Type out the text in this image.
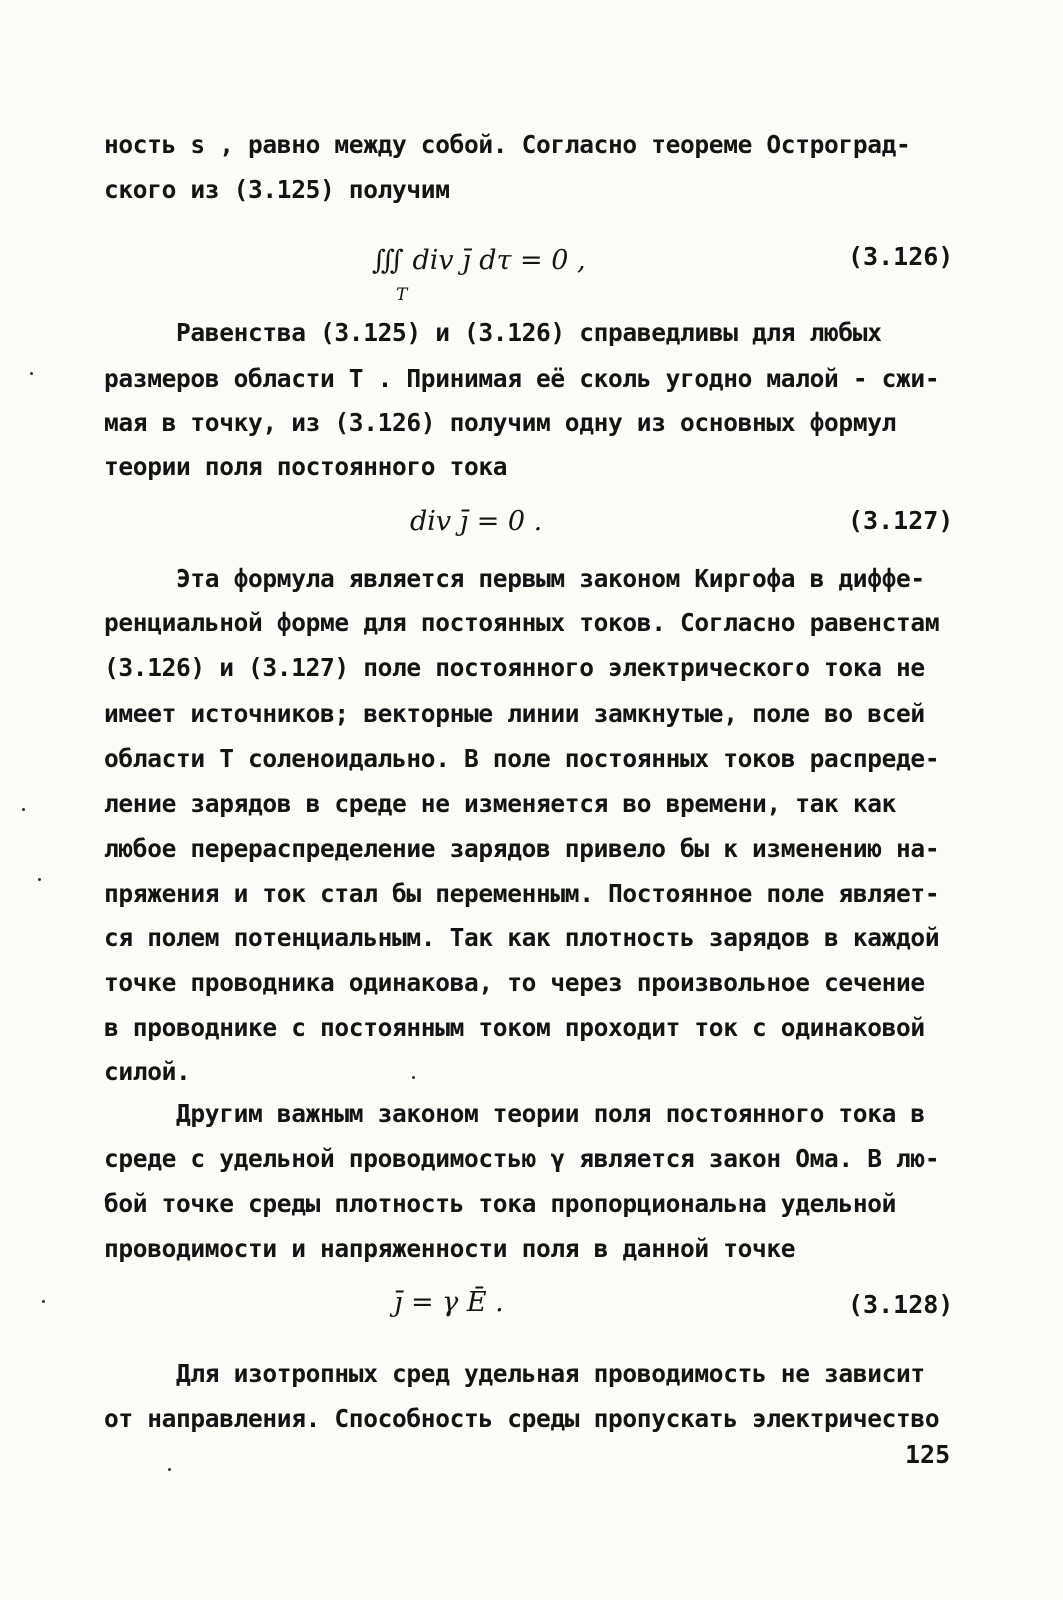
ность s , равно между собой. Согласно теореме Остроград-
ского из (3.125) получим
∭ div j̄ dτ = 0 ,
T
(3.126)
Равенства (3.125) и (3.126) справедливы для любых
размеров области T . Принимая её сколь угодно малой - сжи-
мая в точку, из (3.126) получим одну из основных формул
теории поля постоянного тока
div j̄ = 0 .	(3.127)
Эта формула является первым законом Киргофа в диффе-
ренциальной форме для постоянных токов. Согласно равенстам
(3.126) и (3.127) поле постоянного электрического тока не
имеет источников; векторные линии замкнутые, поле во всей
области T соленоидально. В поле постоянных токов распреде-
ление зарядов в среде не изменяется во времени, так как
любое перераспределение зарядов привело бы к изменению на-
пряжения и ток стал бы переменным. Постоянное поле являет-
ся полем потенциальным. Так как плотность зарядов в каждой
точке проводника одинакова, то через произвольное сечение
в проводнике с постоянным током проходит ток с одинаковой
силой.
Другим важным законом теории поля постоянного тока в
среде с удельной проводимостью γ является закон Ома. В лю-
бой точке среды плотность тока пропорциональна удельной
проводимости и напряженности поля в данной точке
j̄ = γ Ē .	(3.128)
Для изотропных сред удельная проводимость не зависит
от направления. Способность среды пропускать электричество
125
